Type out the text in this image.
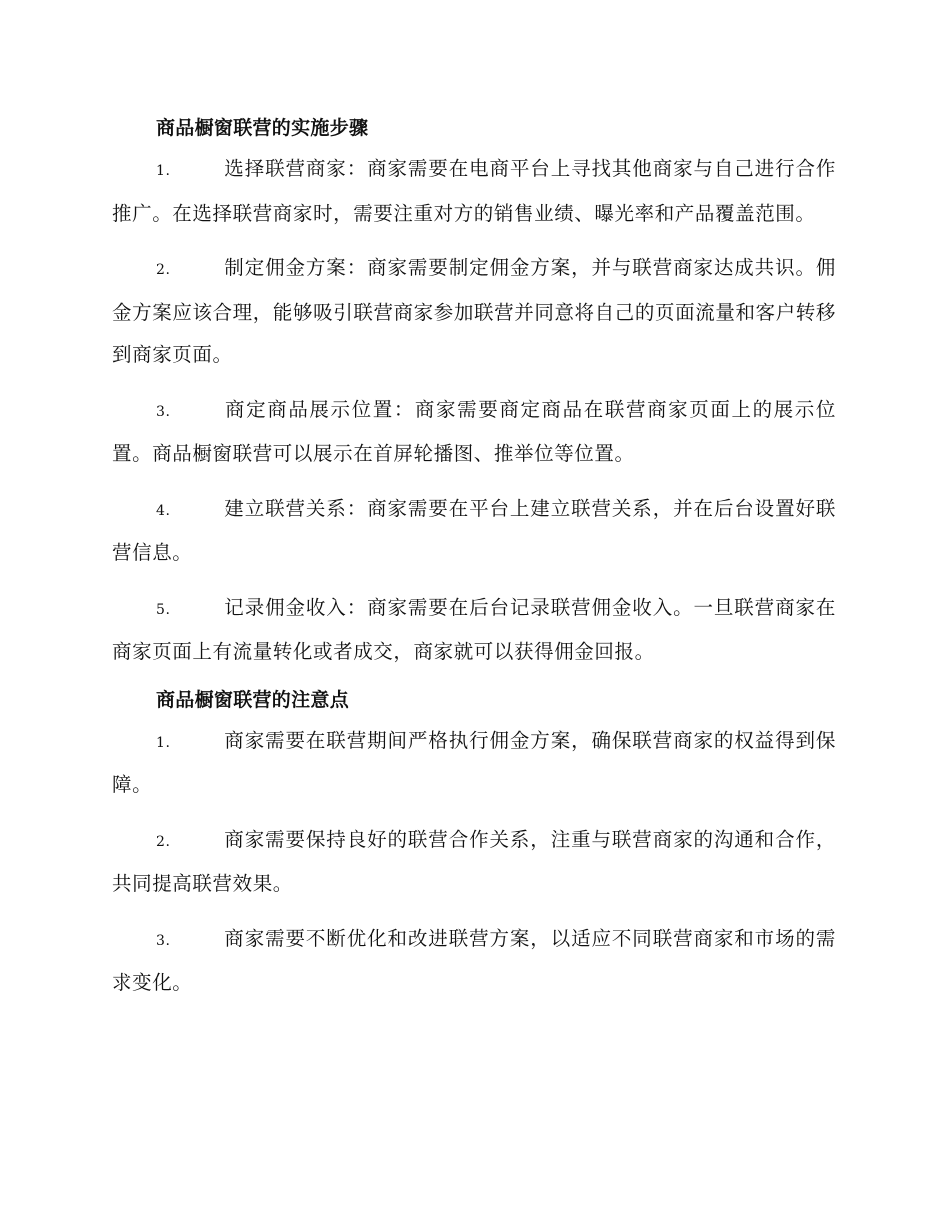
商品橱窗联营的实施步骤
1.	选择联营商家：商家需要在电商平台上寻找其他商家与自己进行合作推广。在选择联营商家时，需要注重对方的销售业绩、曝光率和产品覆盖范围。
2.	制定佣金方案：商家需要制定佣金方案，并与联营商家达成共识。佣金方案应该合理，能够吸引联营商家参加联营并同意将自己的页面流量和客户转移到商家页面。
3.	商定商品展示位置：商家需要商定商品在联营商家页面上的展示位置。商品橱窗联营可以展示在首屏轮播图、推举位等位置。
4.	建立联营关系：商家需要在平台上建立联营关系，并在后台设置好联营信息。
5.	记录佣金收入：商家需要在后台记录联营佣金收入。一旦联营商家在商家页面上有流量转化或者成交，商家就可以获得佣金回报。
商品橱窗联营的注意点
1.	商家需要在联营期间严格执行佣金方案，确保联营商家的权益得到保障。
2.	商家需要保持良好的联营合作关系，注重与联营商家的沟通和合作，共同提高联营效果。
3.	商家需要不断优化和改进联营方案，以适应不同联营商家和市场的需求变化。
